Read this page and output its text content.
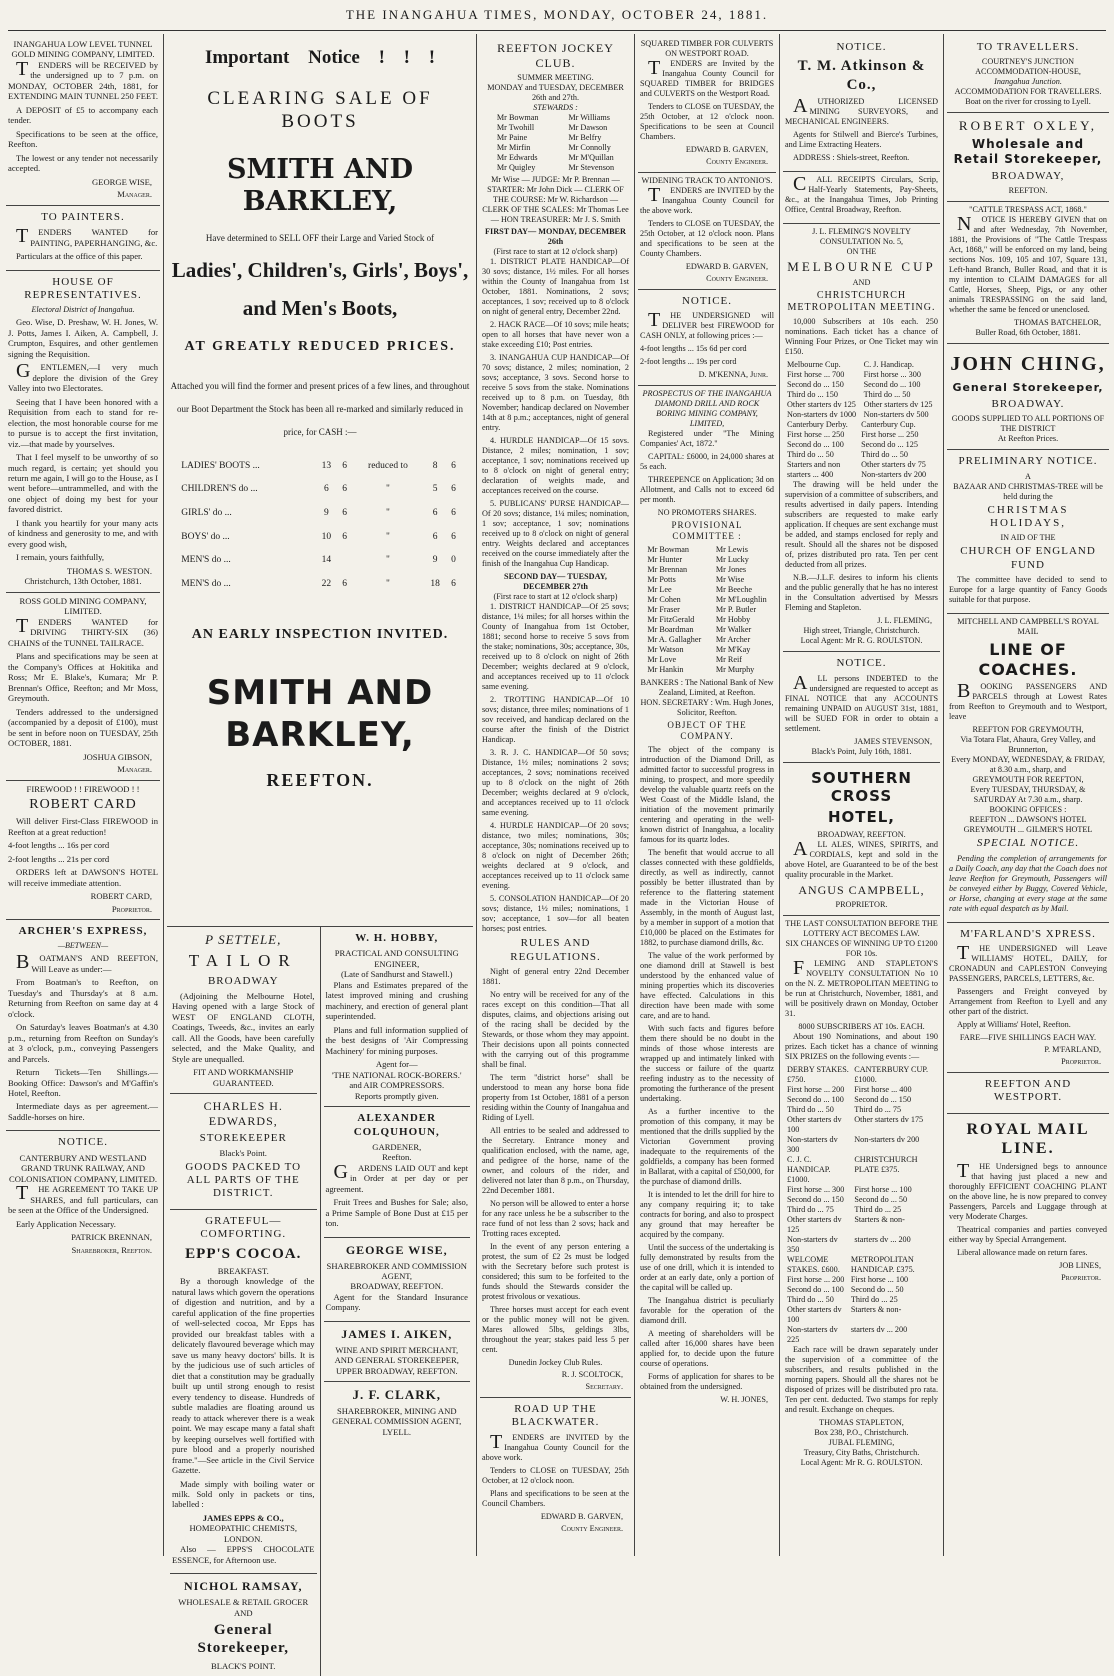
THE INANGAHUA TIMES, MONDAY, OCTOBER 24, 1881.
INANGAHUA LOW LEVEL TUNNEL GOLD MINING COMPANY, LIMITED.

TENDERS will be RECEIVED by the undersigned up to 7 p.m. on MONDAY, OCTOBER 24th, 1881, for EXTENDING MAIN TUNNEL 250 FEET.

A DEPOSIT of £5 to accompany each tender.

Specifications to be seen at the office, Reefton.

The lowest or any tender not necessarily accepted.

GEORGE WISE,
Manager.
TO PAINTERS.

TENDERS WANTED for PAINTING, PAPERHANGING, &c.

Particulars at the office of this paper.

HOUSE OF REPRESENTATIVES.
Electoral District of Inangahua.

Geo. Wise, D. Preshaw, W. H. Jones, W. J. Potts, James I. Aiken, A. Campbell, J. Crumpton, Esquires, and other gentlemen signing the Requisition.

GENTLEMEN,—I very much deplore the division of the Grey Valley into two Electorates.

Seeing that I have been honored with a Requisition from each to stand for re-election, the most honorable course for me to pursue is to accept the first invitation, viz.—that made by yourselves.

That I feel myself to be unworthy of so much regard, is certain; yet should you return me again, I will go to the House, as I went before—untrammelled, and with the one object of doing my best for your favored district.

I thank you heartily for your many acts of kindness and generosity to me, and with every good wish,

I remain, yours faithfully,

THOMAS S. WESTON.
Christchurch, 13th October, 1881.
ROSS GOLD MINING COMPANY, LIMITED.

TENDERS WANTED for DRIVING THIRTY-SIX (36) CHAINS of the TUNNEL TAILRACE.

Plans and specifications may be seen at the Company's Offices at Hokitika and Ross; Mr E. Blake's, Kumara; Mr P. Brennan's Office, Reefton; and Mr Moss, Greymouth.

Tenders addressed to the undersigned (accompanied by a deposit of £100), must be sent in before noon on TUESDAY, 25th OCTOBER, 1881.

JOSHUA GIBSON,
Manager.
FIREWOOD ! ! FIREWOOD ! !
ROBERT CARD

Will deliver First-Class FIREWOOD in Reefton at a great reduction!

4-foot lengths ... 16s per cord

2-foot lengths ... 21s per cord

ORDERS left at DAWSON'S HOTEL will receive immediate attention.

ROBERT CARD,
Proprietor.
ARCHER'S EXPRESS,
—BETWEEN—

BOATMAN'S AND REEFTON, Will Leave as under:—

From Boatman's to Reefton, on Tuesday's and Thursday's at 8 a.m. Returning from Reefton on same day at 4 o'clock.

On Saturday's leaves Boatman's at 4.30 p.m., returning from Reefton on Sunday's at 3 o'clock, p.m., conveying Passengers and Parcels.

Return Tickets—Ten Shillings.—Booking Office: Dawson's and M'Gaffin's Hotel, Reefton.

Intermediate days as per agreement.—Saddle-horses on hire.

NOTICE.
CANTERBURY AND WESTLAND GRAND TRUNK RAILWAY, AND COLONISATION COMPANY, LIMITED.

THE AGREEMENT TO TAKE UP SHARES, and full particulars, can be seen at the Office of the Undersigned.

Early Application Necessary.

PATRICK BRENNAN,
Sharebroker, Reefton.
Important Notice ! ! !
CLEARING SALE OF BOOTS
SMITH AND BARKLEY,
Have determined to SELL OFF their Large and Varied Stock of
Ladies', Children's, Girls', Boys',
and Men's Boots,
AT GREATLY REDUCED PRICES.
Attached you will find the former and present prices of a few lines, and throughout our Boot Department the Stock has been all re-marked and similarly reduced in price, for CASH :—
LADIES' BOOTS ...	13	6	reduced to	8	6
CHILDREN'S do ...	6	6	"	5	6
GIRLS' do ...	9	6	"	6	6
BOYS' do ...	10	6	"	6	6
MEN'S do ...	14		"	9	0
MEN'S do ...	22	6	"	18	6
AN EARLY INSPECTION INVITED.
SMITH AND BARKLEY,
REEFTON.
P SETTELE,
TAILOR
BROADWAY

(Adjoining the Melbourne Hotel, Having opened with a large Stock of WEST OF ENGLAND CLOTH, Coatings, Tweeds, &c., invites an early call. All the Goods, have been carefully selected, and the Make Quality, and Style are unequalled.

FIT AND WORKMANSHIP GUARANTEED.
CHARLES H. EDWARDS,
STOREKEEPER
Black's Point.
GOODS PACKED TO ALL PARTS OF THE DISTRICT.
GRATEFUL—COMFORTING.
EPP'S COCOA.
BREAKFAST.

By a thorough knowledge of the natural laws which govern the operations of digestion and nutrition, and by a careful application of the fine properties of well-selected cocoa, Mr Epps has provided our breakfast tables with a delicately flavoured beverage which may save us many heavy doctors' bills. It is by the judicious use of such articles of diet that a constitution may be gradually built up until strong enough to resist every tendency to disease. Hundreds of subtle maladies are floating around us ready to attack wherever there is a weak point. We may escape many a fatal shaft by keeping ourselves well fortified with pure blood and a properly nourished frame."—See article in the Civil Service Gazette.

Made simply with boiling water or milk. Sold only in packets or tins, labelled :

JAMES EPPS & CO.,
HOMEOPATHIC CHEMISTS, LONDON.

Also — EPPS'S CHOCOLATE ESSENCE, for Afternoon use.

NICHOL RAMSAY,
WHOLESALE & RETAIL GROCER
AND
General Storekeeper,
BLACK'S POINT.
W. H. HOBBY,
PRACTICAL AND CONSULTING ENGINEER,
(Late of Sandhurst and Stawell.)

Plans and Estimates prepared of the latest improved mining and crushing machinery, and erection of general plant superintended.

Plans and full information supplied of the best designs of 'Air Compressing Machinery' for mining purposes.

Agent for—
'THE NATIONAL ROCK-BORERS.' and AIR COMPRESSORS.
Reports promptly given.
ALEXANDER COLQUHOUN,
GARDENER,
Reefton.

GARDENS LAID OUT and kept in Order at per day or per agreement.

Fruit Trees and Bushes for Sale; also, a Prime Sample of Bone Dust at £15 per ton.

GEORGE WISE,
SHAREBROKER AND COMMISSION AGENT,
BROADWAY, REEFTON.

Agent for the Standard Insurance Company.

JAMES I. AIKEN,
WINE AND SPIRIT MERCHANT, AND GENERAL STOREKEEPER,
UPPER BROADWAY, REEFTON.
J. F. CLARK,
SHAREBROKER, MINING AND GENERAL COMMISSION AGENT,
LYELL.
REEFTON JOCKEY CLUB.
SUMMER MEETING.
MONDAY and TUESDAY, DECEMBER 26th and 27th.
STEWARDS :
Mr Bowman
Mr Twohill
Mr Paine
Mr Mirfin
Mr Edwards
Mr Quigley
Mr Williams
Mr Dawson
Mr Belfry
Mr Connolly
Mr M'Quillan
Mr Stevenson
Mr Wise — JUDGE: Mr P. Brennan — STARTER: Mr John Dick — CLERK OF THE COURSE: Mr W. Richardson — CLERK OF THE SCALES: Mr Thomas Lee — HON TREASURER: Mr J. S. Smith
FIRST DAY— MONDAY, DECEMBER 26th
(First race to start at 12 o'clock sharp)

1. DISTRICT PLATE HANDICAP—Of 30 sovs; distance, 1½ miles. For all horses within the County of Inangahua from 1st October, 1881. Nominations, 2 sovs; acceptances, 1 sov; received up to 8 o'clock on night of general entry, December 22nd.

2. HACK RACE—Of 10 sovs; mile heats; open to all horses that have never won a stake exceeding £10; Post entries.

3. INANGAHUA CUP HANDICAP—Of 70 sovs; distance, 2 miles; nomination, 2 sovs; acceptance, 3 sovs. Second horse to receive 5 sovs from the stake. Nominations received up to 8 p.m. on Tuesday, 8th November; handicap declared on November 14th at 8 p.m.; acceptances, night of general entry.

4. HURDLE HANDICAP—Of 15 sovs. Distance, 2 miles; nomination, 1 sov; acceptance, 1 sov; nominations received up to 8 o'clock on night of general entry; declaration of weights made, and acceptances received on the course.

5. PUBLICANS' PURSE HANDICAP—Of 20 sovs; distance, 1¼ miles; nomination, 1 sov; acceptance, 1 sov; nominations received up to 8 o'clock on night of general entry. Weights declared and acceptances received on the course immediately after the finish of the Inangahua Cup Handicap.

SECOND DAY— TUESDAY, DECEMBER 27th
(First race to start at 12 o'clock sharp)

1. DISTRICT HANDICAP—Of 25 sovs; distance, 1¼ miles; for all horses within the County of Inangahua from 1st October, 1881; second horse to receive 5 sovs from the stake; nominations, 30s; acceptance, 30s, received up to 8 o'clock on night of 26th December; weights declared at 9 o'clock, and acceptances received up to 11 o'clock same evening.

2. TROTTING HANDICAP—Of 10 sovs; distance, three miles; nominations of 1 sov received, and handicap declared on the course after the finish of the District Handicap.

3. R. J. C. HANDICAP—Of 50 sovs; Distance, 1½ miles; nominations 2 sovs; acceptances, 2 sovs; nominations received up to 8 o'clock on the night of 26th December; weights declared at 9 o'clock, and acceptances received up to 11 o'clock same evening.

4. HURDLE HANDICAP—Of 20 sovs; distance, two miles; nominations, 30s; acceptance, 30s; nominations received up to 8 o'clock on night of December 26th; weights declared at 9 o'clock, and acceptances received up to 11 o'clock same evening.

5. CONSOLATION HANDICAP—Of 20 sovs; distance, 1½ miles; nominations, 1 sov; acceptance, 1 sov—for all beaten horses; post entries.

RULES AND REGULATIONS.

Night of general entry 22nd December 1881.

No entry will be received for any of the races except on this condition—That all disputes, claims, and objections arising out of the racing shall be decided by the Stewards, or those whom they may appoint. Their decisions upon all points connected with the carrying out of this programme shall be final.

The term "district horse" shall be understood to mean any horse bona fide property from 1st October, 1881 of a person residing within the County of Inangahua and Riding of Lyell.

All entries to be sealed and addressed to the Secretary. Entrance money and qualification enclosed, with the name, age, and pedigree of the horse, name of the owner, and colours of the rider, and delivered not later than 8 p.m., on Thursday, 22nd December 1881.

No person will be allowed to enter a horse for any race unless he be a subscriber to the race fund of not less than 2 sovs; hack and Trotting races excepted.

In the event of any person entering a protest, the sum of £2 2s must be lodged with the Secretary before such protest is considered; this sum to be forfeited to the funds should the Stewards consider the protest frivolous or vexatious.

Three horses must accept for each event or the public money will not be given. Mares allowed 5lbs, geldings 3lbs, throughout the year; stakes paid less 5 per cent.

Dunedin Jockey Club Rules.
R. J. SCOLTOCK,
Secretary.
ROAD UP THE BLACKWATER.

TENDERS are INVITED by the Inangahua County Council for the above work.

Tenders to CLOSE on TUESDAY, 25th October, at 12 o'clock noon.

Plans and specifications to be seen at the Council Chambers.

EDWARD B. GARVEN,
County Engineer.
SQUARED TIMBER FOR CULVERTS ON WESTPORT ROAD.

TENDERS are Invited by the Inangahua County Council for SQUARED TIMBER for BRIDGES and CULVERTS on the Westport Road.

Tenders to CLOSE on TUESDAY, the 25th October, at 12 o'clock noon. Specifications to be seen at Council Chambers.

EDWARD B. GARVEN,
County Engineer.
WIDENING TRACK TO ANTONIO'S.

TENDERS are INVITED by the Inangahua County Council for the above work.

Tenders to CLOSE on TUESDAY, the 25th October, at 12 o'clock noon. Plans and specifications to be seen at the County Chambers.

EDWARD B. GARVEN,
County Engineer.
NOTICE.

THE UNDERSIGNED will DELIVER best FIREWOOD for CASH ONLY, at following prices :—

4-foot lengths ... 15s 6d per cord

2-foot lengths ... 19s per cord

D. M'KENNA, Junr.
PROSPECTUS OF THE INANGAHUA DIAMOND DRILL AND ROCK BORING MINING COMPANY, LIMITED,

Registered under "The Mining Companies' Act, 1872."

CAPITAL: £6000, in 24,000 shares at 5s each.

THREEPENCE on Application; 3d on Allotment, and Calls not to exceed 6d per month.

NO PROMOTERS SHARES.
PROVISIONAL COMMITTEE :
Mr Bowman
Mr Hunter
Mr Brennan
Mr Potts
Mr Lee
Mr Cohen
Mr Fraser
Mr FitzGerald
Mr Boardman
Mr A. Gallagher
Mr Watson
Mr Love
Mr Hankin
Mr Lewis
Mr Lucky
Mr Jones
Mr Wise
Mr Beeche
Mr M'Loughlin
Mr P. Butler
Mr Hobby
Mr Walker
Mr Archer
Mr M'Kay
Mr Reif
Mr Murphy
BANKERS : The National Bank of New Zealand, Limited, at Reefton.
HON. SECRETARY : Wm. Hugh Jones, Solicitor, Reefton.
OBJECT OF THE COMPANY.

The object of the company is introduction of the Diamond Drill, as admitted factor to successful progress in mining, to prospect, and more speedily develop the valuable quartz reefs on the West Coast of the Middle Island, the initiation of the movement primarily centering and operating in the well-known district of Inangahua, a locality famous for its quartz lodes.

The benefit that would accrue to all classes connected with these goldfields, directly, as well as indirectly, cannot possibly be better illustrated than by reference to the flattering statement made in the Victorian House of Assembly, in the month of August last, by a member in support of a motion that £10,000 be placed on the Estimates for 1882, to purchase diamond drills, &c.

The value of the work performed by one diamond drill at Stawell is best understood by the enhanced value of mining properties which its discoveries have effected. Calculations in this direction have been made with some care, and are to hand.

With such facts and figures before them there should be no doubt in the minds of those whose interests are wrapped up and intimately linked with the success or failure of the quartz reefing industry as to the necessity of promoting the furtherance of the present undertaking.

As a further incentive to the promotion of this company, it may be mentioned that the drills supplied by the Victorian Government proving inadequate to the requirements of the goldfields, a company has been formed in Ballarat, with a capital of £50,000, for the purchase of diamond drills.

It is intended to let the drill for hire to any company requiring it; to take contracts for boring, and also to prospect any ground that may hereafter be acquired by the company.

Until the success of the undertaking is fully demonstrated by results from the use of one drill, which it is intended to order at an early date, only a portion of the capital will be called up.

The Inangahua district is peculiarly favorable for the operation of the diamond drill.

A meeting of shareholders will be called after 16,000 shares have been applied for, to decide upon the future course of operations.

Forms of application for shares to be obtained from the undersigned.

W. H. JONES,
NOTICE.
T. M. Atkinson & Co.,

AUTHORIZED LICENSED MINING SURVEYORS, and MECHANICAL ENGINEERS.

Agents for Stilwell and Bierce's Turbines, and Lime Extracting Heaters.

ADDRESS : Shiels-street, Reefton.

CALL RECEIPTS Circulars, Scrip, Half-Yearly Statements, Pay-Sheets, &c., at the Inangahua Times, Job Printing Office, Central Broadway, Reefton.

J. L. FLEMING'S NOVELTY CONSULTATION No. 5,
ON THE
MELBOURNE CUP
AND
CHRISTCHURCH METROPOLITAN MEETING.

10,000 Subscribers at 10s each. 250 nominations. Each ticket has a chance of Winning Four Prizes, or One Ticket may win £150.

Melbourne Cup.	C. J. Handicap.
First horse ... 700	First horse ... 300
Second do ... 150	Second do ... 100
Third do ... 150	Third do ... 50
Other starters dv 125	Other starters dv 125
Non-starters dv 1000	Non-starters dv 500
Canterbury Derby.	Canterbury Cup.
First horse ... 250	First horse ... 250
Second do ... 100	Second do ... 125
Third do ... 50	Third do ... 50
Starters and non	Other starters dv 75
starters ... 400	Non-starters dv 200

The drawing will be held under the supervision of a committee of subscribers, and results advertised in daily papers. Intending subscribers are requested to make early application. If cheques are sent exchange must be added, and stamps enclosed for reply and result. Should all the shares not be disposed of, prizes distributed pro rata. Ten per cent deducted from all prizes.

N.B.—J.L.F. desires to inform his clients and the public generally that he has no interest in the Consultation advertised by Messrs Fleming and Stapleton.

J. L. FLEMING,
High street, Triangle, Christchurch.
Local Agent: Mr R. G. ROULSTON.
NOTICE.

ALL persons INDEBTED to the undersigned are requested to accept as FINAL NOTICE that any ACCOUNTS remaining UNPAID on AUGUST 31st, 1881, will be SUED FOR in order to obtain a settlement.

JAMES STEVENSON,
Black's Point, July 16th, 1881.
SOUTHERN CROSS
HOTEL,
BROADWAY, REEFTON.

ALL ALES, WINES, SPIRITS, and CORDIALS, kept and sold in the above Hotel, are Guaranteed to be of the best quality procurable in the Market.

ANGUS CAMPBELL,
PROPRIETOR.
THE LAST CONSULTATION BEFORE THE LOTTERY ACT BECOMES LAW.
SIX CHANCES OF WINNING UP TO £1200 FOR 10s.

FLEMING AND STAPLETON'S NOVELTY CONSULTATION No 10 on the N. Z. METROPOLITAN MEETING to be run at Christchurch, November, 1881, and will be positively drawn on Monday, October 31.

8000 SUBSCRIBERS AT 10s. EACH.

About 190 Nominations, and about 190 prizes. Each ticket has a chance of winning SIX PRIZES on the following events :—

DERBY STAKES. £750.	CANTERBURY CUP. £1000.
First horse ... 200	First horse ... 400
Second do ... 100	Second do ... 150
Third do ... 50	Third do ... 75
Other starters dv 100	Other starters dv 175
Non-starters dv 300	Non-starters dv 200
C. J. C. HANDICAP. £1000.	CHRISTCHURCH PLATE £375.
First horse ... 300	First horse ... 100
Second do ... 150	Second do ... 50
Third do ... 75	Third do ... 25
Other starters dv 125	Starters & non-
Non-starters dv 350	starters dv ... 200
WELCOME STAKES. £600.	METROPOLITAN HANDICAP. £375.
First horse ... 200	First horse ... 100
Second do ... 100	Second do ... 50
Third do ... 50	Third do ... 25
Other starters dv 100	Starters & non-
Non-starters dv 225	starters dv ... 200

Each race will be drawn separately under the supervision of a committee of the subscribers, and results published in the morning papers. Should all the shares not be disposed of prizes will be distributed pro rata. Ten per cent. deducted. Two stamps for reply and result. Exchange on cheques.

THOMAS STAPLETON,
Box 238, P.O., Christchurch.
JUBAL FLEMING,
Treasury, City Baths, Christchurch.
Local Agent: Mr R. G. ROULSTON.
TO TRAVELLERS.
COURTNEY'S JUNCTION ACCOMMODATION-HOUSE,
Inangahua Junction.
ACCOMMODATION FOR TRAVELLERS.
Boat on the river for crossing to Lyell.
ROBERT OXLEY,
Wholesale and Retail Storekeeper,
BROADWAY,
REEFTON.
"CATTLE TRESPASS ACT, 1868."

NOTICE IS HEREBY GIVEN that on and after Wednesday, 7th November, 1881, the Provisions of "The Cattle Trespass Act, 1868," will be enforced on my land, being sections Nos. 109, 105 and 107, Square 131, Left-hand Branch, Buller Road, and that it is my intention to CLAIM DAMAGES for all Cattle, Horses, Sheep, Pigs, or any other animals TRESPASSING on the said land, whether the same be fenced or unenclosed.

THOMAS BATCHELOR,
Buller Road, 6th October, 1881.
JOHN CHING,
General Storekeeper,
BROADWAY.
GOODS SUPPLIED TO ALL PORTIONS OF THE DISTRICT
At Reefton Prices.
PRELIMINARY NOTICE.
A
BAZAAR AND CHRISTMAS-TREE will be held during the
CHRISTMAS HOLIDAYS,
IN AID OF THE
CHURCH OF ENGLAND FUND

The committee have decided to send to Europe for a large quantity of Fancy Goods suitable for that purpose.

MITCHELL AND CAMPBELL'S ROYAL MAIL
LINE OF COACHES.

BOOKING PASSENGERS AND PARCELS through at Lowest Rates from Reefton to Greymouth and to Westport, leave

REEFTON FOR GREYMOUTH,
Via Totara Flat, Ahaura, Grey Valley, and Brunnerton,
Every MONDAY, WEDNESDAY, & FRIDAY, at 8.30 a.m., sharp, and
GREYMOUTH FOR REEFTON,
Every TUESDAY, THURSDAY, & SATURDAY At 7.30 a.m., sharp.
BOOKING OFFICES :
REEFTON ... DAWSON'S HOTEL
GREYMOUTH ... GILMER'S HOTEL
SPECIAL NOTICE.

Pending the completion of arrangements for a Daily Coach, any day that the Coach does not leave Reefton for Greymouth, Passengers will be conveyed either by Buggy, Covered Vehicle, or Horse, changing at every stage at the same rate with equal despatch as by Mail.

M'FARLAND'S XPRESS.

THE UNDERSIGNED will Leave WILLIAMS' HOTEL, DAILY, for CRONADUN and CAPLESTON Conveying PASSENGERS, PARCELS, LETTERS, &c.

Passengers and Freight conveyed by Arrangement from Reefton to Lyell and any other part of the district.

Apply at Williams' Hotel, Reefton.

FARE—FIVE SHILLINGS EACH WAY.
P. M'FARLAND,
Proprietor.
REEFTON AND WESTPORT.
ROYAL MAIL LINE.

THE Undersigned begs to announce that having just placed a new and thoroughly EFFICIENT COACHING PLANT on the above line, he is now prepared to convey Passengers, Parcels and Luggage through at very Moderate Charges.

Theatrical companies and parties conveyed either way by Special Arrangement.

Liberal allowance made on return fares.

JOB LINES,
Proprietor.
